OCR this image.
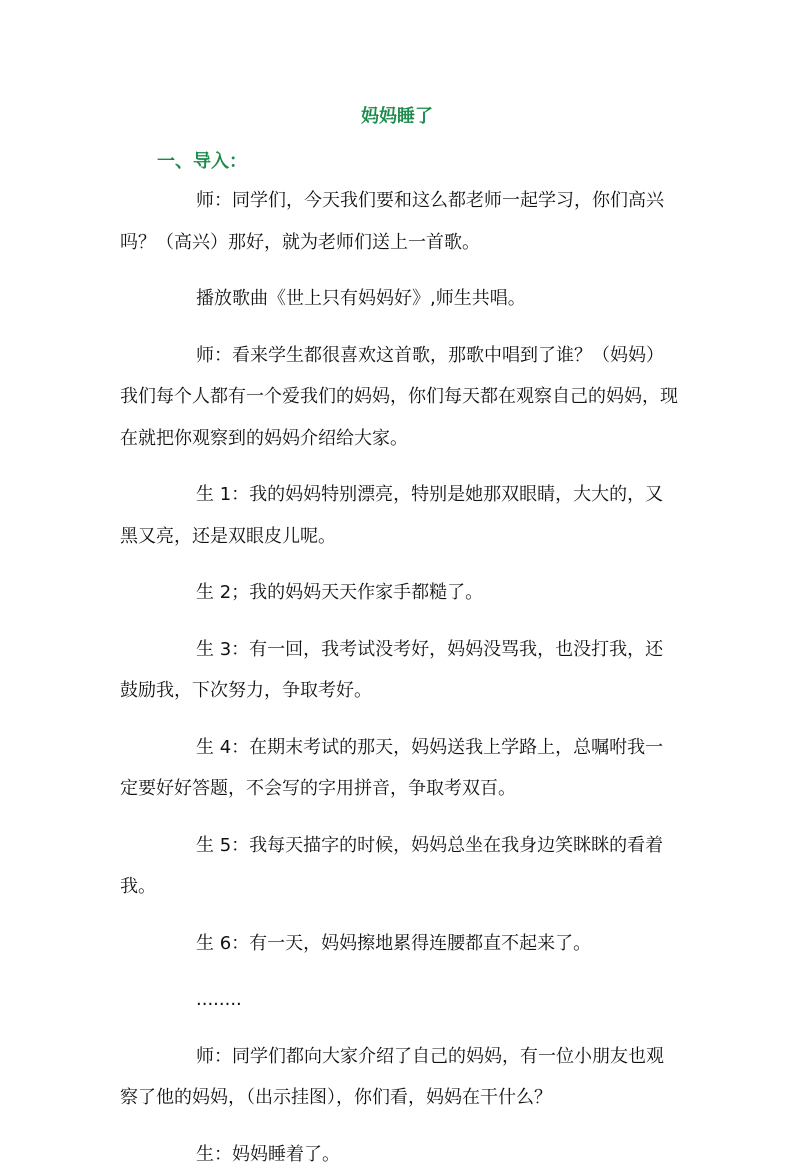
妈妈睡了
一、导入：

师：同学们，今天我们要和这么都老师一起学习，你们高兴吗？（高兴）那好，就为老师们送上一首歌。

播放歌曲《世上只有妈妈好》,师生共唱。

师：看来学生都很喜欢这首歌，那歌中唱到了谁？（妈妈）我们每个人都有一个爱我们的妈妈，你们每天都在观察自己的妈妈，现在就把你观察到的妈妈介绍给大家。

生 1：我的妈妈特别漂亮，特别是她那双眼睛，大大的，又黑又亮，还是双眼皮儿呢。

生 2；我的妈妈天天作家手都糙了。

生 3：有一回，我考试没考好，妈妈没骂我，也没打我，还鼓励我，下次努力，争取考好。

生 4：在期末考试的那天，妈妈送我上学路上，总嘱咐我一定要好好答题，不会写的字用拼音，争取考双百。

生 5：我每天描字的时候，妈妈总坐在我身边笑眯眯的看着我。

生 6：有一天，妈妈擦地累得连腰都直不起来了。

........

师：同学们都向大家介绍了自己的妈妈，有一位小朋友也观察了他的妈妈，（出示挂图），你们看，妈妈在干什么？

生：妈妈睡着了。
